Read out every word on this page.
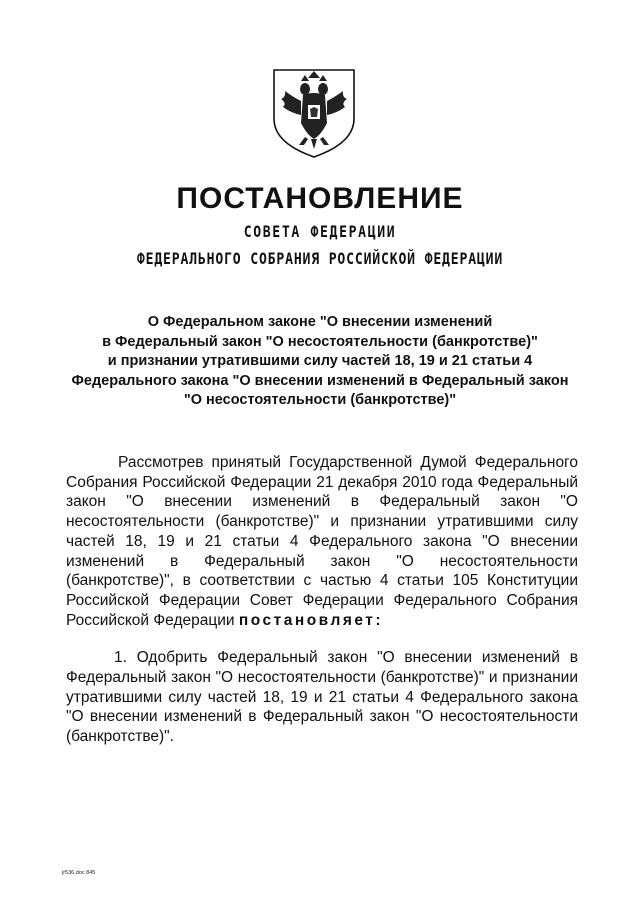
ПОСТАНОВЛЕНИЕ
СОВЕТА ФЕДЕРАЦИИ
ФЕДЕРАЛЬНОГО СОБРАНИЯ РОССИЙСКОЙ ФЕДЕРАЦИИ
О Федеральном законе "О внесении изменений
в Федеральный закон "О несостоятельности (банкротстве)"
и признании утратившими силу частей 18, 19 и 21 статьи 4
Федерального закона "О внесении изменений в Федеральный закон
"О несостоятельности (банкротстве)"

Рассмотрев принятый Государственной Думой Федерального Собрания Российской Федерации 21 декабря 2010 года Федеральный закон "О внесении изменений в Федеральный закон "О несостоятельности (банкротстве)" и признании утратившими силу частей 18, 19 и 21 статьи 4 Федерального закона "О внесении изменений в Федеральный закон "О несостоятельности (банкротстве)", в соответствии с частью 4 статьи 105 Конституции Российской Федерации Совет Федерации Федерального Собрания Российской Федерации постановляет:

1. Одобрить Федеральный закон "О внесении изменений в Федеральный закон "О несостоятельности (банкротстве)" и признании утратившими силу частей 18, 19 и 21 статьи 4 Федерального закона "О внесении изменений в Федеральный закон "О несостоятельности (банкротстве)".

jr536.doc 845
